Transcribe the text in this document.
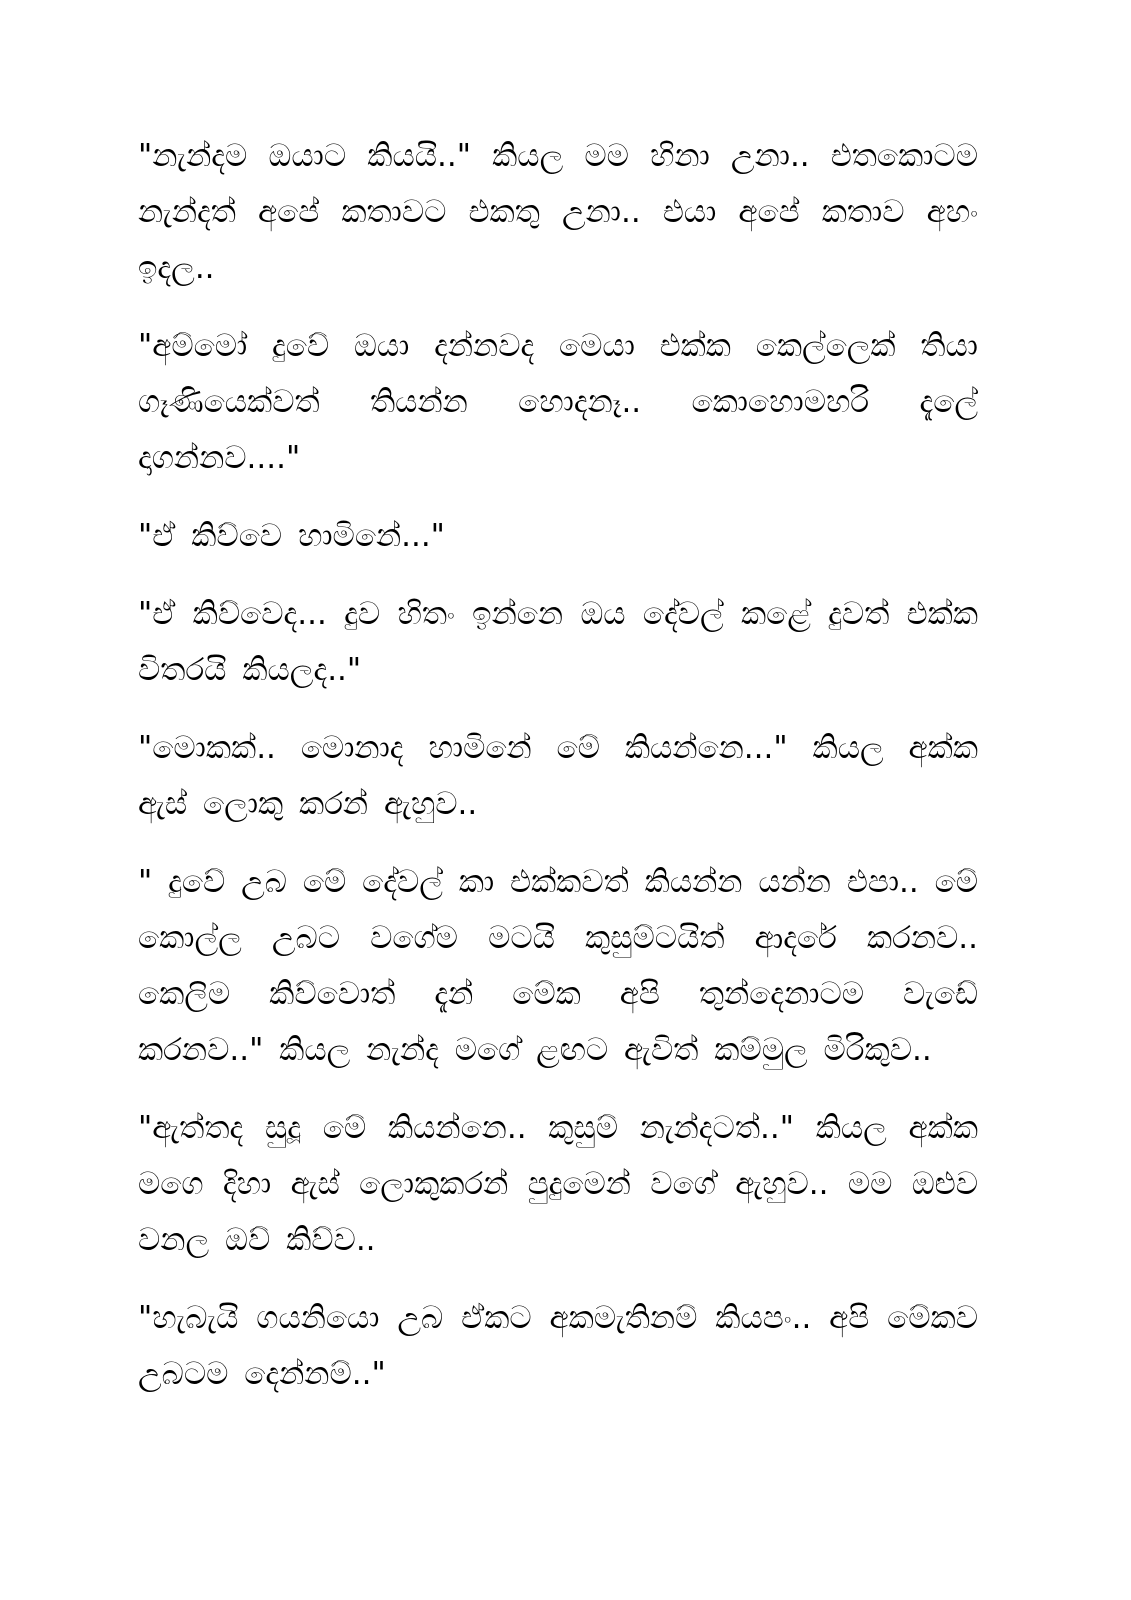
"නැන්දම ඔයාට කියයි.." කියල මම හිනා උනා.. එතකොටම නැන්දත් අපේ කතාවට එකතු උනා.. එයා අපේ කතාව අහං ඉදල..

"අම්මෝ දුවේ ඔයා දන්නවද මෙයා එක්ක කෙල්ලෙක් තියා ගෑණියෙක්වත් තියන්න හොදනෑ.. කොහොමහරි දැලේ දාගන්නව...."

"ඒ කිව්වෙ හාමිනේ..."

"ඒ කිව්වෙද... දුව හිතං ඉන්නෙ ඔය දේවල් කළේ දුවත් එක්ක විතරයි කියලද.."

"මොකක්.. මොනාද හාමිනේ මේ කියන්නෙ..." කියල අක්ක ඇස් ලොකු කරන් ඇහුව..

" දුවේ උබ මේ දේවල් කා එක්කවත් කියන්න යන්න එපා.. මේ කොල්ල උබට වගේම මටයි කුසුම්ටයිත් ආදරේ කරනව.. කෙලිම කිව්වොත් දැන් මේක අපි තුන්දෙනාටම වැඩේ කරනව.." කියල නැන්ද මගේ ළඟට ඇවිත් කම්මුල මිරිකුව..

"ඇත්තද සුදූ මේ කියන්නෙ.. කුසුම් නැන්දටත්.." කියල අක්ක මගෙ දිහා ඇස් ලොකුකරන් පුදුමෙන් වගේ ඇහුව.. මම ඔළුව වනල ඔව් කිව්ව..

"හැබැයි ගයනියො උබ ඒකට අකමැතිනම් කියපං.. අපි මේකව උබටම දෙන්නම්.."
